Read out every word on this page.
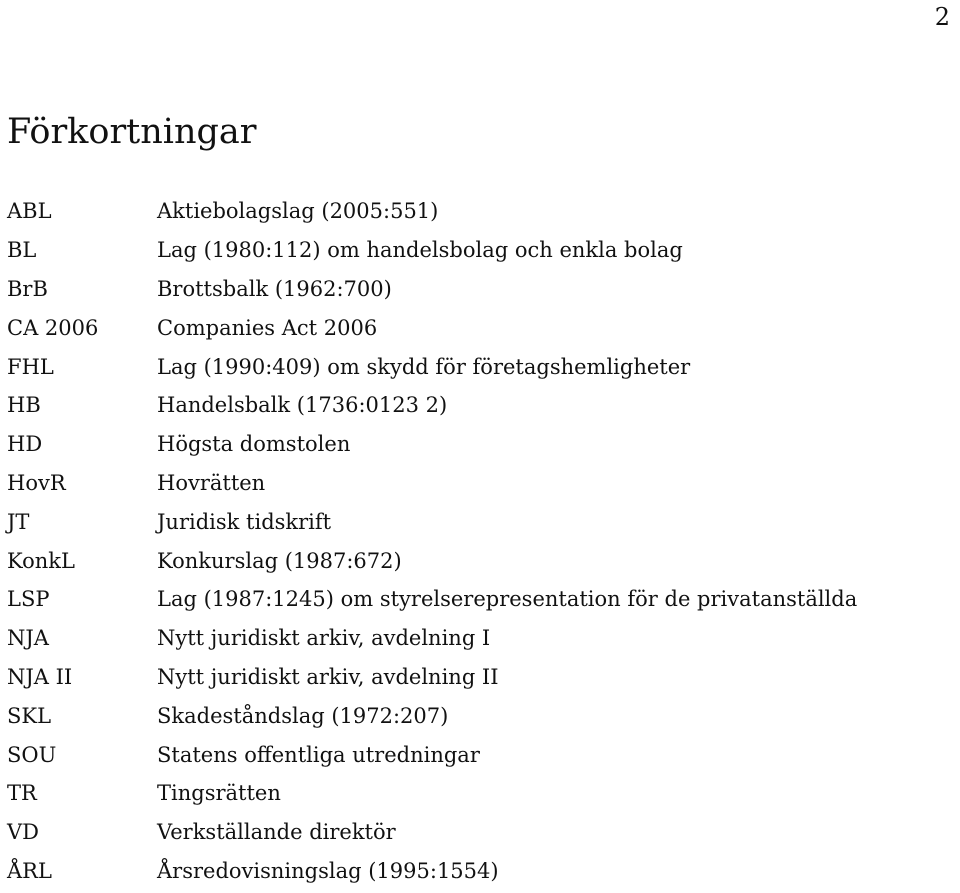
2
Förkortningar
ABL	Aktiebolagslag (2005:551)
BL	Lag (1980:112) om handelsbolag och enkla bolag
BrB	Brottsbalk (1962:700)
CA 2006	Companies Act 2006
FHL	Lag (1990:409) om skydd för företagshemligheter
HB	Handelsbalk (1736:0123 2)
HD	Högsta domstolen
HovR	Hovrätten
JT	Juridisk tidskrift
KonkL	Konkurslag (1987:672)
LSP	Lag (1987:1245) om styrelserepresentation för de privatanställda
NJA	Nytt juridiskt arkiv, avdelning I
NJA II	Nytt juridiskt arkiv, avdelning II
SKL	Skadeståndslag (1972:207)
SOU	Statens offentliga utredningar
TR	Tingsrätten
VD	Verkställande direktör
ÅRL	Årsredovisningslag (1995:1554)
